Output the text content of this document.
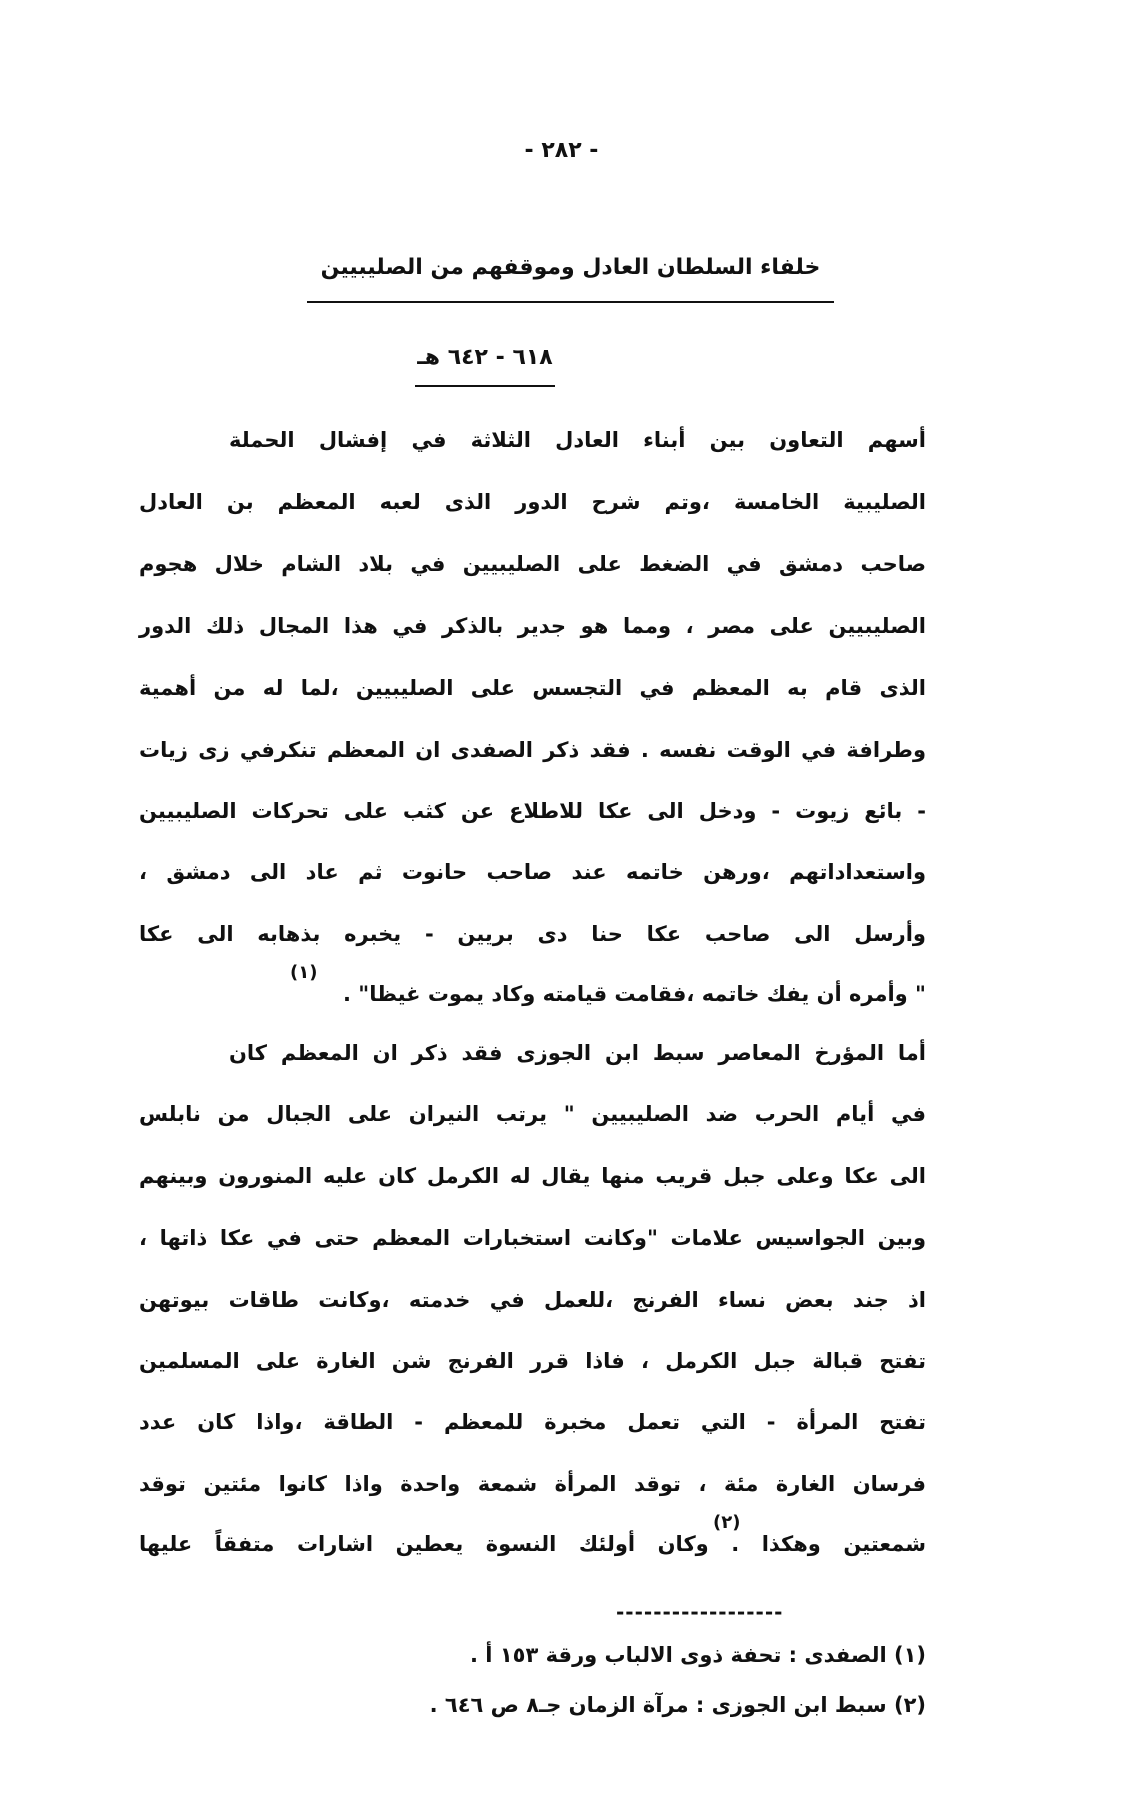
- ٢٨٢ -
خلفاء السلطان العادل وموقفهم من الصليبيين
٦١٨ - ٦٤٢ هـ
أسهم التعاون بين أبناء العادل الثلاثة في إفشال الحملة
الصليبية الخامسة ،وتم شرح الدور الذى لعبه المعظم بن العادل
صاحب دمشق في الضغط على الصليبيين في بلاد الشام خلال هجوم
الصليبيين على مصر ، ومما هو جدير بالذكر في هذا المجال ذلك الدور
الذى قام به المعظم في التجسس على الصليبيين ،لما له من أهمية
وطرافة في الوقت نفسه . فقد ذكر الصفدى ان المعظم تنكرفي زى زيات
- بائع زيوت - ودخل الى عكا للاطلاع عن كثب على تحركات الصليبيين
واستعداداتهم ،ورهن خاتمه عند صاحب حانوت ثم عاد الى دمشق ،
وأرسل الى صاحب عكا حنا دى بريين - يخبره بذهابه الى عكا
" وأمره أن يفك خاتمه ،فقامت قيامته وكاد يموت غيظا" .
(١)
أما المؤرخ المعاصر سبط ابن الجوزى فقد ذكر ان المعظم كان
في أيام الحرب ضد الصليبيين " يرتب النيران على الجبال من نابلس
الى عكا وعلى جبل قريب منها يقال له الكرمل كان عليه المنورون وبينهم
وبين الجواسيس علامات "وكانت استخبارات المعظم حتى في عكا ذاتها ،
اذ جند بعض نساء الفرنج ،للعمل في خدمته ،وكانت طاقات بيوتهن
تفتح قبالة جبل الكرمل ، فاذا قرر الفرنج شن الغارة على المسلمين
تفتح المرأة - التي تعمل مخبرة للمعظم - الطاقة ،واذا كان عدد
فرسان الغارة مئة ، توقد المرأة شمعة واحدة واذا كانوا مئتين توقد
شمعتين وهكذا . وكان أولئك النسوة يعطين اشارات متفقاً عليها
(٢)
------------------
(١) الصفدى : تحفة ذوى الالباب ورقة ١٥٣ أ .
(٢) سبط ابن الجوزى : مرآة الزمان جـ٨ ص ٦٤٦ .
